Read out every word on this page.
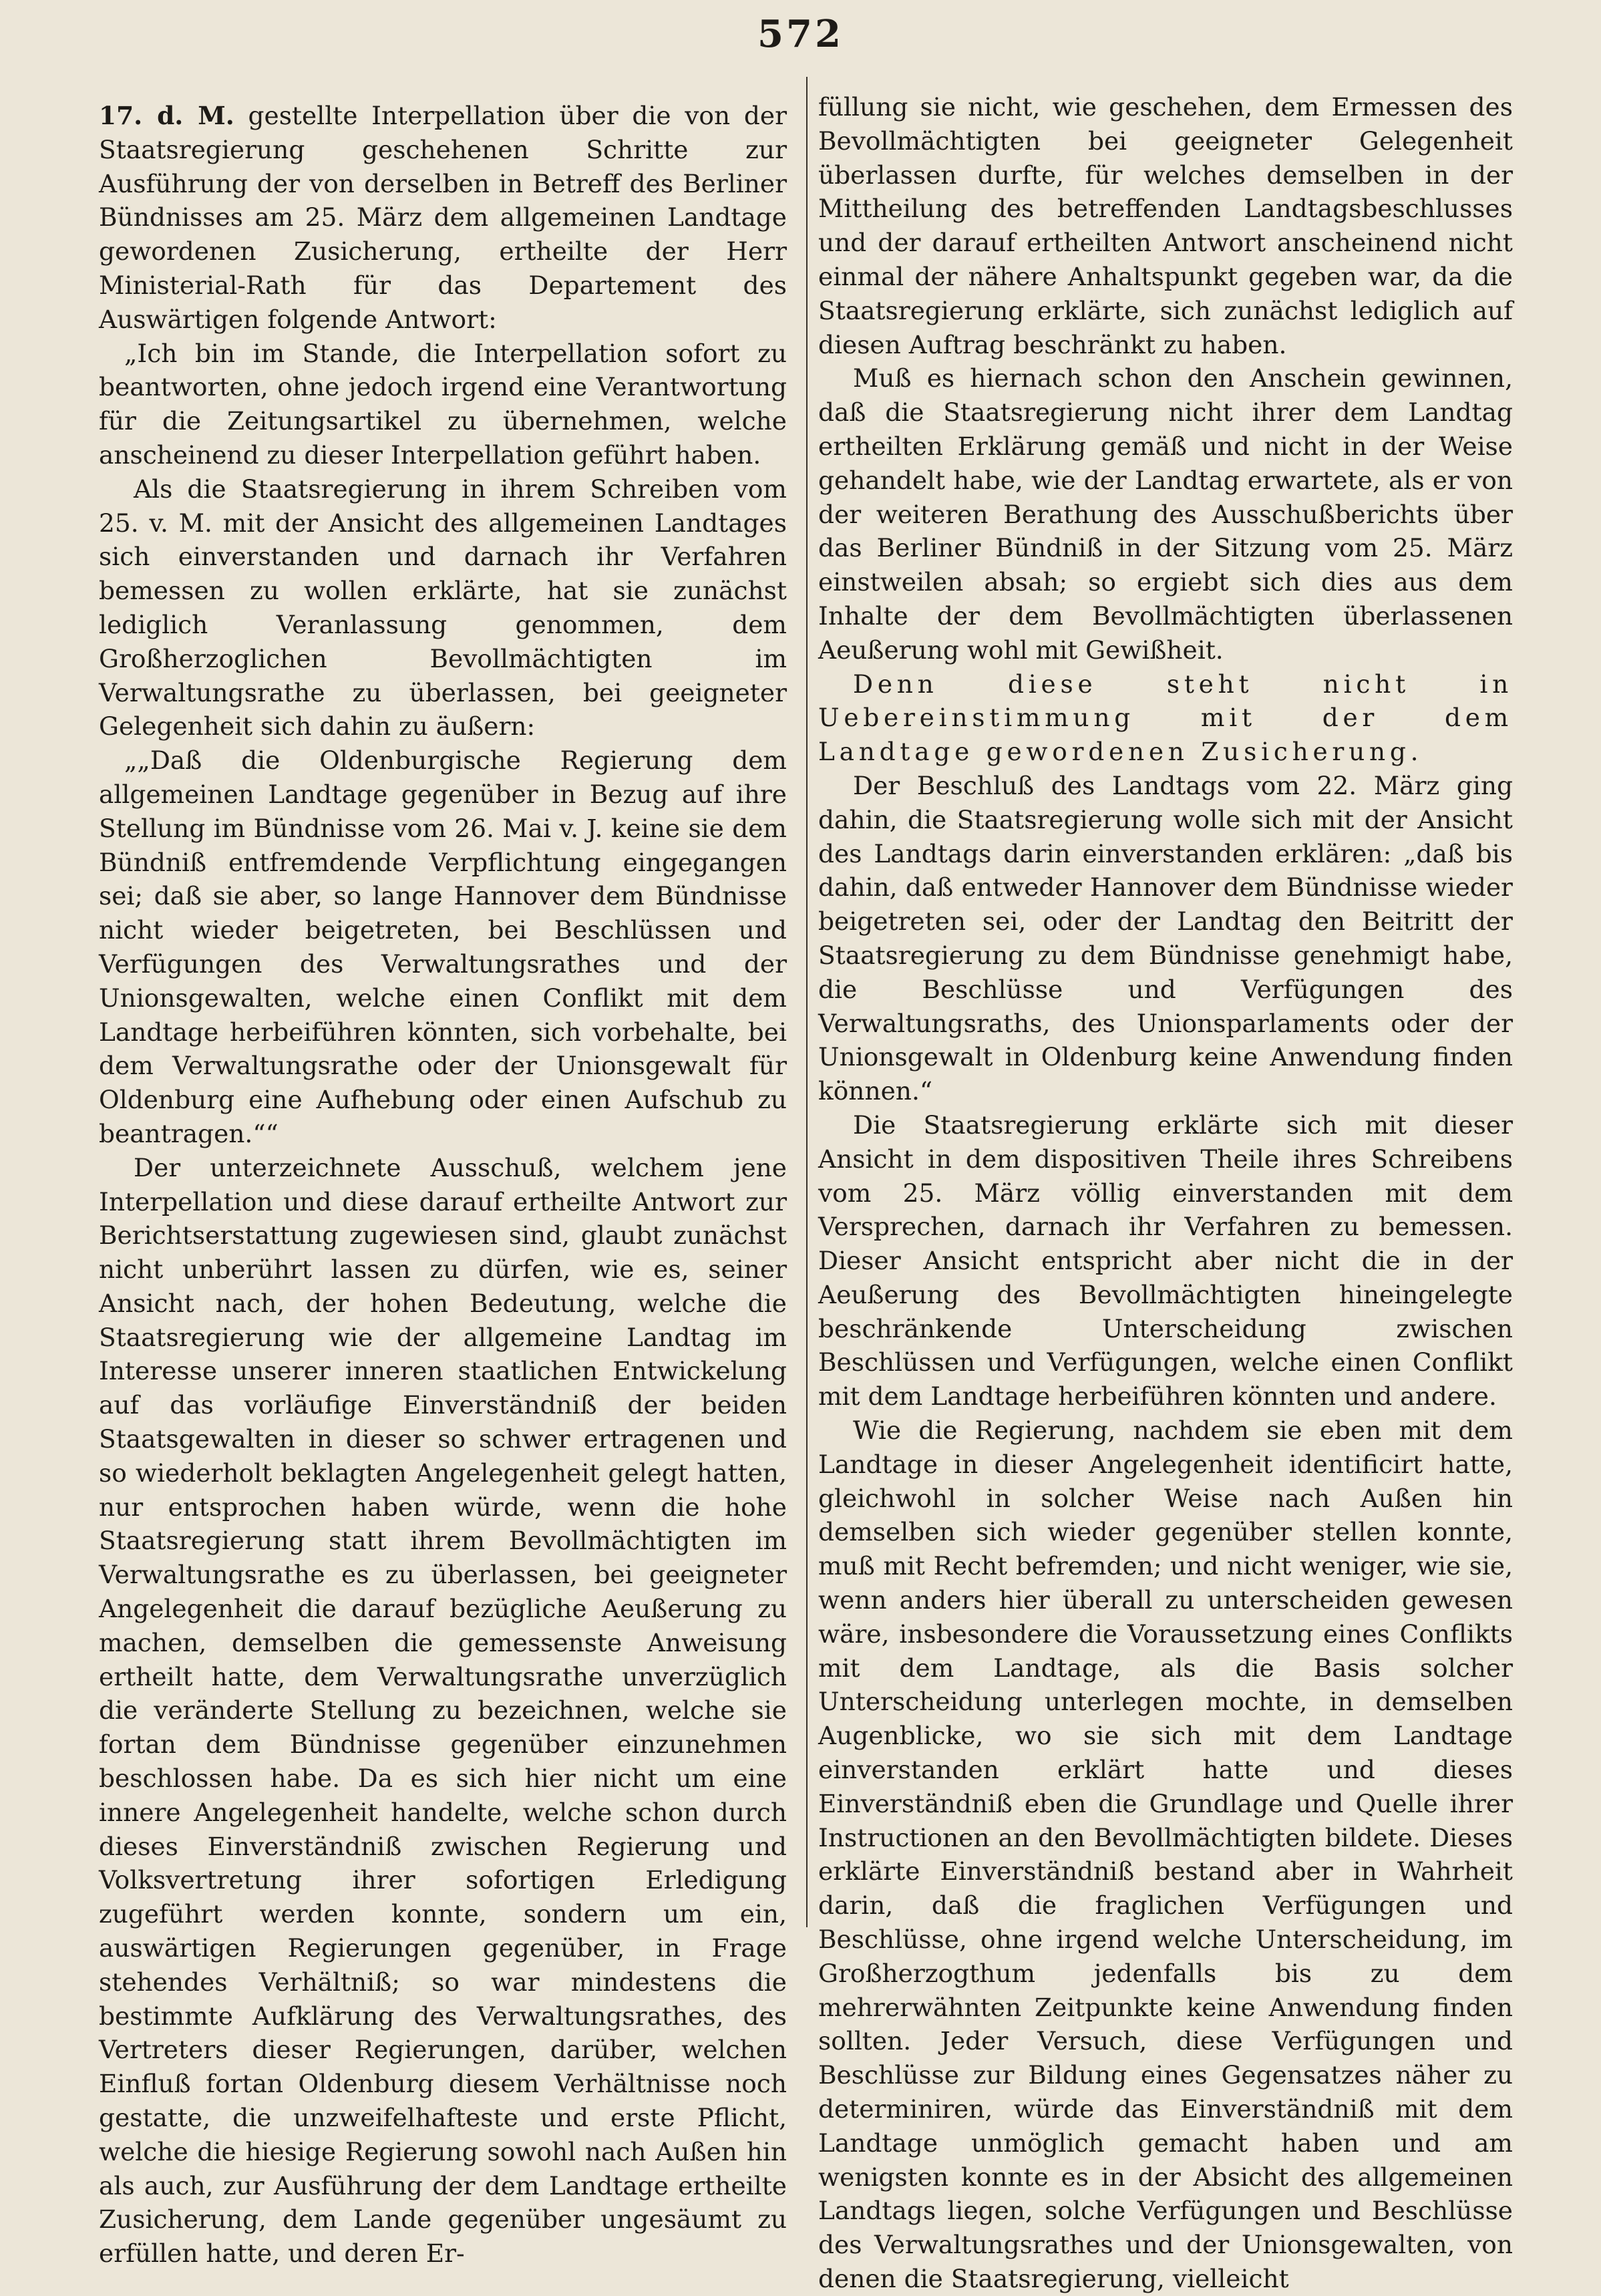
572

17. d. M. gestellte Interpellation über die von der Staatsregierung geschehenen Schritte zur Ausführung der von derselben in Betreff des Berliner Bündnisses am 25. März dem allgemeinen Landtage gewordenen Zusicherung, ertheilte der Herr Ministerial-Rath für das Departement des Auswärtigen folgende Antwort:

„Ich bin im Stande, die Interpellation sofort zu beantworten, ohne jedoch irgend eine Verantwortung für die Zeitungsartikel zu übernehmen, welche anscheinend zu dieser Interpellation geführt haben.

Als die Staatsregierung in ihrem Schreiben vom 25. v. M. mit der Ansicht des allgemeinen Landtages sich einverstanden und darnach ihr Verfahren bemessen zu wollen erklärte, hat sie zunächst lediglich Veranlassung genommen, dem Großherzoglichen Bevollmächtigten im Verwaltungsrathe zu überlassen, bei geeigneter Gelegenheit sich dahin zu äußern:

„„Daß die Oldenburgische Regierung dem allgemeinen Landtage gegenüber in Bezug auf ihre Stellung im Bündnisse vom 26. Mai v. J. keine sie dem Bündniß entfremdende Verpflichtung eingegangen sei; daß sie aber, so lange Hannover dem Bündnisse nicht wieder beigetreten, bei Beschlüssen und Verfügungen des Verwaltungsrathes und der Unionsgewalten, welche einen Conflikt mit dem Landtage herbeiführen könnten, sich vorbehalte, bei dem Verwaltungsrathe oder der Unionsgewalt für Oldenburg eine Aufhebung oder einen Aufschub zu beantragen.““

Der unterzeichnete Ausschuß, welchem jene Interpellation und diese darauf ertheilte Antwort zur Berichtserstattung zugewiesen sind, glaubt zunächst nicht unberührt lassen zu dürfen, wie es, seiner Ansicht nach, der hohen Bedeutung, welche die Staatsregierung wie der allgemeine Landtag im Interesse unserer inneren staatlichen Entwickelung auf das vorläufige Einverständniß der beiden Staatsgewalten in dieser so schwer ertragenen und so wiederholt beklagten Angelegenheit gelegt hatten, nur entsprochen haben würde, wenn die hohe Staatsregierung statt ihrem Bevollmächtigten im Verwaltungsrathe es zu überlassen, bei geeigneter Angelegenheit die darauf bezügliche Aeußerung zu machen, demselben die gemessenste Anweisung ertheilt hatte, dem Verwaltungsrathe unverzüglich die veränderte Stellung zu bezeichnen, welche sie fortan dem Bündnisse gegenüber einzunehmen beschlossen habe. Da es sich hier nicht um eine innere Angelegenheit handelte, welche schon durch dieses Einverständniß zwischen Regierung und Volksvertretung ihrer sofortigen Erledigung zugeführt werden konnte, sondern um ein, auswärtigen Regierungen gegenüber, in Frage stehendes Verhältniß; so war mindestens die bestimmte Aufklärung des Verwaltungsrathes, des Vertreters dieser Regierungen, darüber, welchen Einfluß fortan Oldenburg diesem Verhältnisse noch gestatte, die unzweifelhafteste und erste Pflicht, welche die hiesige Regierung sowohl nach Außen hin als auch, zur Ausführung der dem Landtage ertheilte Zusicherung, dem Lande gegenüber ungesäumt zu erfüllen hatte, und deren Er-

füllung sie nicht, wie geschehen, dem Ermessen des Bevollmächtigten bei geeigneter Gelegenheit überlassen durfte, für welches demselben in der Mittheilung des betreffenden Landtagsbeschlusses und der darauf ertheilten Antwort anscheinend nicht einmal der nähere Anhaltspunkt gegeben war, da die Staatsregierung erklärte, sich zunächst lediglich auf diesen Auftrag beschränkt zu haben.

Muß es hiernach schon den Anschein gewinnen, daß die Staatsregierung nicht ihrer dem Landtag ertheilten Erklärung gemäß und nicht in der Weise gehandelt habe, wie der Landtag erwartete, als er von der weiteren Berathung des Ausschußberichts über das Berliner Bündniß in der Sitzung vom 25. März einstweilen absah; so ergiebt sich dies aus dem Inhalte der dem Bevollmächtigten überlassenen Aeußerung wohl mit Gewißheit.

Denn diese steht nicht in Uebereinstimmung mit der dem Landtage gewordenen Zusicherung.

Der Beschluß des Landtags vom 22. März ging dahin, die Staatsregierung wolle sich mit der Ansicht des Landtags darin einverstanden erklären: „daß bis dahin, daß entweder Hannover dem Bündnisse wieder beigetreten sei, oder der Landtag den Beitritt der Staatsregierung zu dem Bündnisse genehmigt habe, die Beschlüsse und Verfügungen des Verwaltungsraths, des Unionsparlaments oder der Unionsgewalt in Oldenburg keine Anwendung finden können.“

Die Staatsregierung erklärte sich mit dieser Ansicht in dem dispositiven Theile ihres Schreibens vom 25. März völlig einverstanden mit dem Versprechen, darnach ihr Verfahren zu bemessen. Dieser Ansicht entspricht aber nicht die in der Aeußerung des Bevollmächtigten hineingelegte beschränkende Unterscheidung zwischen Beschlüssen und Verfügungen, welche einen Conflikt mit dem Landtage herbeiführen könnten und andere.

Wie die Regierung, nachdem sie eben mit dem Landtage in dieser Angelegenheit identificirt hatte, gleichwohl in solcher Weise nach Außen hin demselben sich wieder gegenüber stellen konnte, muß mit Recht befremden; und nicht weniger, wie sie, wenn anders hier überall zu unterscheiden gewesen wäre, insbesondere die Voraussetzung eines Conflikts mit dem Landtage, als die Basis solcher Unterscheidung unterlegen mochte, in demselben Augenblicke, wo sie sich mit dem Landtage einverstanden erklärt hatte und dieses Einverständniß eben die Grundlage und Quelle ihrer Instructionen an den Bevollmächtigten bildete. Dieses erklärte Einverständniß bestand aber in Wahrheit darin, daß die fraglichen Verfügungen und Beschlüsse, ohne irgend welche Unterscheidung, im Großherzogthum jedenfalls bis zu dem mehrerwähnten Zeitpunkte keine Anwendung finden sollten. Jeder Versuch, diese Verfügungen und Beschlüsse zur Bildung eines Gegensatzes näher zu determiniren, würde das Einverständniß mit dem Landtage unmöglich gemacht haben und am wenigsten konnte es in der Absicht des allgemeinen Landtags liegen, solche Verfügungen und Beschlüsse des Verwaltungsrathes und der Unionsgewalten, von denen die Staatsregierung, vielleicht
